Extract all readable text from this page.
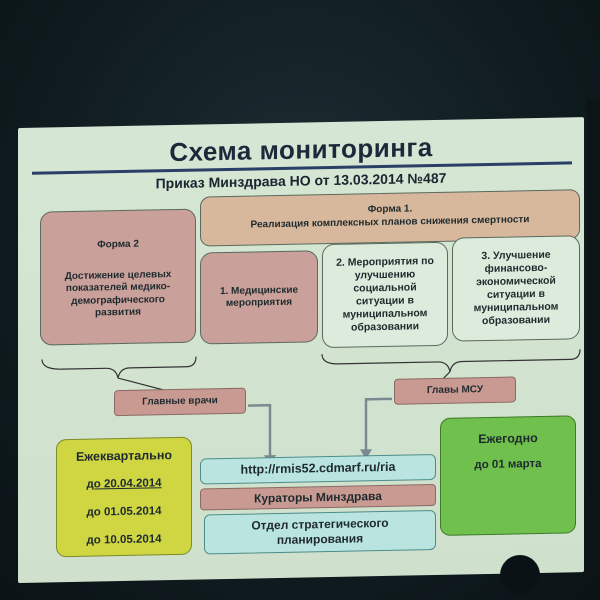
Схема мониторинга
Приказ Минздрава НО от 13.03.2014 №487
Форма 2
Достижение целевых показателей медико-демографического развития
Форма 1.
Реализация комплексных планов снижения смертности
1. Медицинские мероприятия
2. Мероприятия по улучшению социальной ситуации в муниципальном образовании
3. Улучшение финансово-экономической ситуации в муниципальном образовании
Главные врачи
Главы МСУ
Ежеквартально
до 20.04.2014
до 01.05.2014
до 10.05.2014
Ежегодно
до 01 марта
http://rmis52.cdmarf.ru/ria
Кураторы Минздрава
Отдел стратегического планирования
